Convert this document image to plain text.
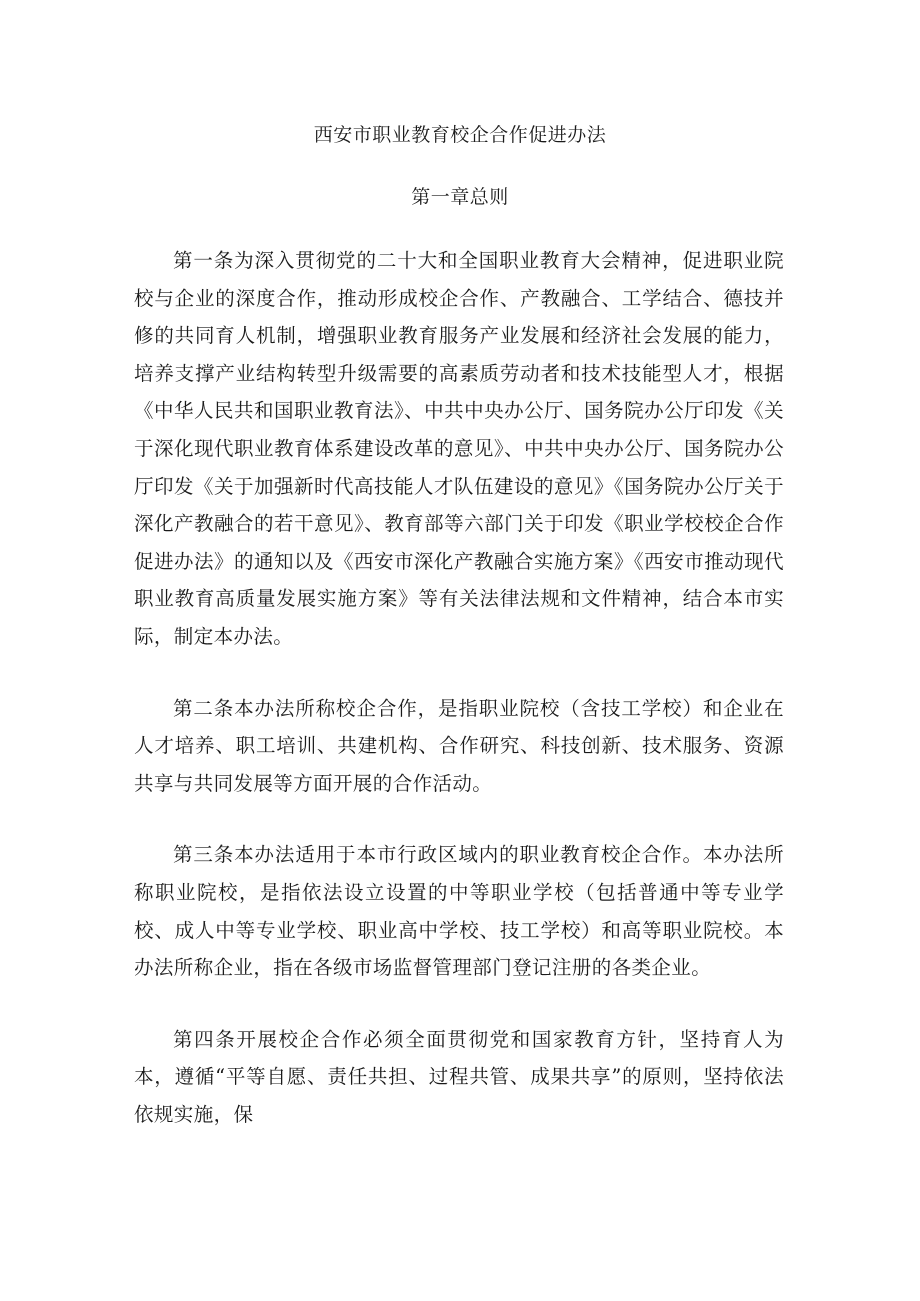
西安市职业教育校企合作促进办法
第一章总则

第一条为深入贯彻党的二十大和全国职业教育大会精神，促进职业院校与企业的深度合作，推动形成校企合作、产教融合、工学结合、德技并修的共同育人机制，增强职业教育服务产业发展和经济社会发展的能力，培养支撑产业结构转型升级需要的高素质劳动者和技术技能型人才，根据《中华人民共和国职业教育法》、中共中央办公厅、国务院办公厅印发《关于深化现代职业教育体系建设改革的意见》、中共中央办公厅、国务院办公厅印发《关于加强新时代高技能人才队伍建设的意见》《国务院办公厅关于深化产教融合的若干意见》、教育部等六部门关于印发《职业学校校企合作促进办法》的通知以及《西安市深化产教融合实施方案》《西安市推动现代职业教育高质量发展实施方案》等有关法律法规和文件精神，结合本市实际，制定本办法。

第二条本办法所称校企合作，是指职业院校（含技工学校）和企业在人才培养、职工培训、共建机构、合作研究、科技创新、技术服务、资源共享与共同发展等方面开展的合作活动。

第三条本办法适用于本市行政区域内的职业教育校企合作。本办法所称职业院校，是指依法设立设置的中等职业学校（包括普通中等专业学校、成人中等专业学校、职业高中学校、技工学校）和高等职业院校。本办法所称企业，指在各级市场监督管理部门登记注册的各类企业。

第四条开展校企合作必须全面贯彻党和国家教育方针，坚持育人为本，遵循“平等自愿、责任共担、过程共管、成果共享”的原则，坚持依法依规实施，保
